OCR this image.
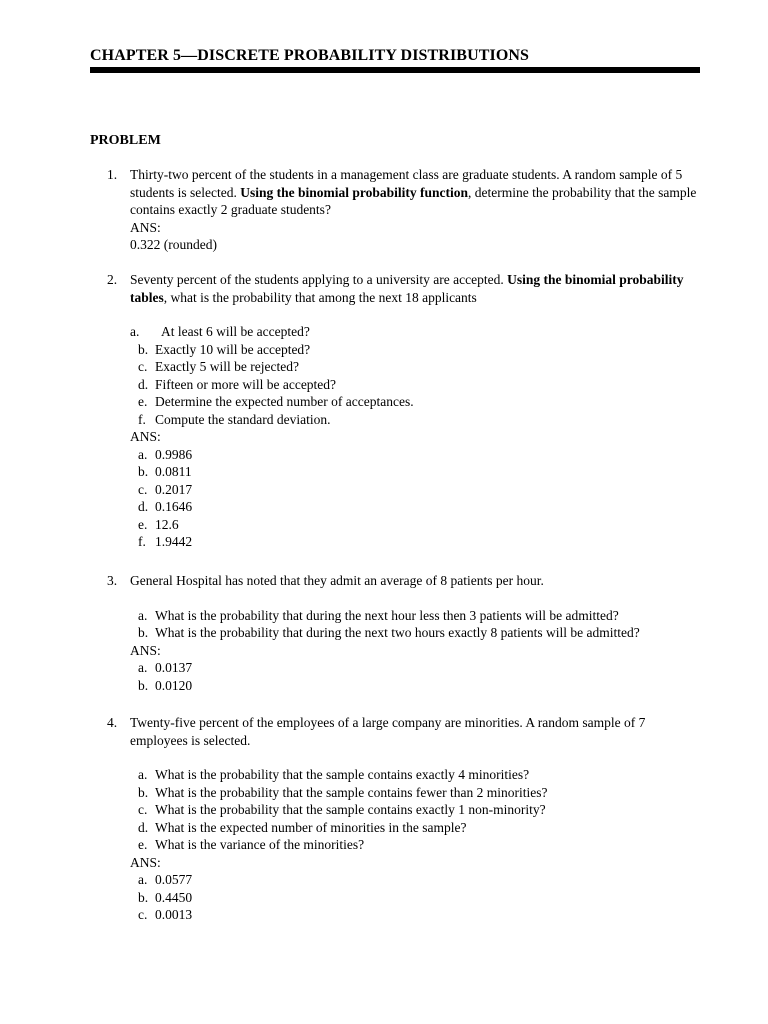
CHAPTER 5—DISCRETE PROBABILITY DISTRIBUTIONS
PROBLEM
1. Thirty-two percent of the students in a management class are graduate students. A random sample of 5 students is selected. Using the binomial probability function, determine the probability that the sample contains exactly 2 graduate students?
ANS:
0.322 (rounded)
2. Seventy percent of the students applying to a university are accepted. Using the binomial probability tables, what is the probability that among the next 18 applicants
a. At least 6 will be accepted?
b. Exactly 10 will be accepted?
c. Exactly 5 will be rejected?
d. Fifteen or more will be accepted?
e. Determine the expected number of acceptances.
f. Compute the standard deviation.
ANS:
a. 0.9986
b. 0.0811
c. 0.2017
d. 0.1646
e. 12.6
f. 1.9442
3. General Hospital has noted that they admit an average of 8 patients per hour.
a. What is the probability that during the next hour less then 3 patients will be admitted?
b. What is the probability that during the next two hours exactly 8 patients will be admitted?
ANS:
a. 0.0137
b. 0.0120
4. Twenty-five percent of the employees of a large company are minorities. A random sample of 7 employees is selected.
a. What is the probability that the sample contains exactly 4 minorities?
b. What is the probability that the sample contains fewer than 2 minorities?
c. What is the probability that the sample contains exactly 1 non-minority?
d. What is the expected number of minorities in the sample?
e. What is the variance of the minorities?
ANS:
a. 0.0577
b. 0.4450
c. 0.0013
